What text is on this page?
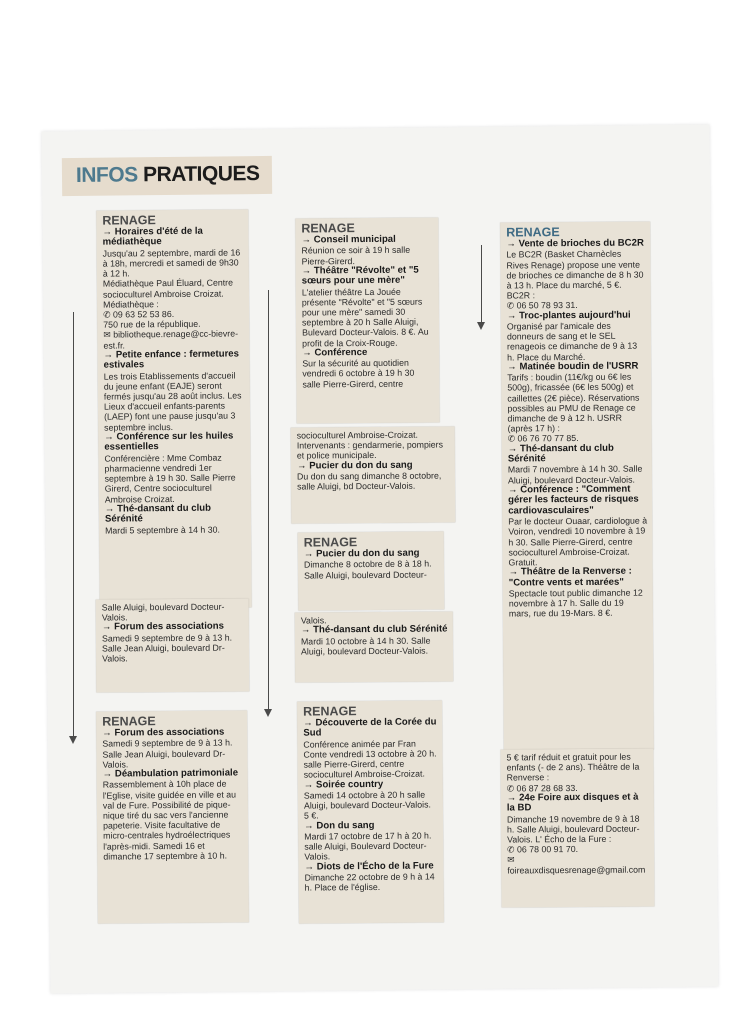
INFOS PRATIQUES
RENAGE
→ Horaires d'été de la médiathèque
Jusqu'au 2 septembre, mardi de 16 à 18h, mercredi et samedi de 9h30 à 12 h.
Médiathèque Paul Éluard, Centre socioculturel Ambroise Croizat.
Médiathèque :
✆ 09 63 52 53 86.
750 rue de la république.
✉ bibliotheque.renage@cc-bievre-est.fr.
→ Petite enfance : fermetures estivales
Les trois Etablissements d'accueil du jeune enfant (EAJE) seront fermés jusqu'au 28 août inclus. Les Lieux d'accueil enfants-parents (LAEP) font une pause jusqu'au 3 septembre inclus.
→ Conférence sur les huiles essentielles
Conférencière : Mme Combaz pharmacienne vendredi 1er septembre à 19 h 30. Salle Pierre Girerd, Centre socioculturel Ambroise Croizat.
→ Thé-dansant du club Sérénité
Mardi 5 septembre à 14 h 30.
Salle Aluigi, boulevard Docteur-Valois.
→ Forum des associations
Samedi 9 septembre de 9 à 13 h. Salle Jean Aluigi, boulevard Dr-Valois.
RENAGE
→ Forum des associations
Samedi 9 septembre de 9 à 13 h. Salle Jean Aluigi, boulevard Dr-Valois.
→ Déambulation patrimoniale
Rassemblement à 10h place de l'Eglise, visite guidée en ville et au val de Fure. Possibilité de pique-nique tiré du sac vers l'ancienne papeterie. Visite facultative de micro-centrales hydroélectriques l'après-midi. Samedi 16 et dimanche 17 septembre à 10 h.
RENAGE
→ Conseil municipal
Réunion ce soir à 19 h salle Pierre-Girerd.
→ Théâtre "Révolte" et "5 sœurs pour une mère"
L'atelier théâtre La Jouée présente "Révolte" et "5 sœurs pour une mère" samedi 30 septembre à 20 h Salle Aluigi, Bulevard Docteur-Valois. 8 €. Au profit de la Croix-Rouge.
→ Conférence
Sur la sécurité au quotidien vendredi 6 octobre à 19 h 30 salle Pierre-Girerd, centre
socioculturel Ambroise-Croizat. Intervenants : gendarmerie, pompiers et police municipale.
→ Pucier du don du sang
Du don du sang dimanche 8 octobre, salle Aluigi, bd Docteur-Valois.
RENAGE
→ Pucier du don du sang
Dimanche 8 octobre de 8 à 18 h. Salle Aluigi, boulevard Docteur-
Valois.
→ Thé-dansant du club Sérénité
Mardi 10 octobre à 14 h 30. Salle Aluigi, boulevard Docteur-Valois.
RENAGE
→ Découverte de la Corée du Sud
Conférence animée par Fran Conte vendredi 13 octobre à 20 h. salle Pierre-Girerd, centre socioculturel Ambroise-Croizat.
→ Soirée country
Samedi 14 octobre à 20 h salle Aluigi, boulevard Docteur-Valois. 5 €.
→ Don du sang
Mardi 17 octobre de 17 h à 20 h. salle Aluigi, Boulevard Docteur-Valois.
→ Diots de l'Écho de la Fure
Dimanche 22 octobre de 9 h à 14 h. Place de l'église.
RENAGE
→ Vente de brioches du BC2R
Le BC2R (Basket Charnècles Rives Renage) propose une vente de brioches ce dimanche de 8 h 30 à 13 h. Place du marché, 5 €. BC2R :
✆ 06 50 78 93 31.
→ Troc-plantes aujourd'hui
Organisé par l'amicale des donneurs de sang et le SEL renageois ce dimanche de 9 à 13 h. Place du Marché.
→ Matinée boudin de l'USRR
Tarifs : boudin (11€/kg ou 6€ les 500g), fricassée (6€ les 500g) et caillettes (2€ pièce). Réservations possibles au PMU de Renage ce dimanche de 9 à 12 h. USRR (après 17 h) :
✆ 06 76 70 77 85.
→ Thé-dansant du club Sérénité
Mardi 7 novembre à 14 h 30. Salle Aluigi, boulevard Docteur-Valois.
→ Conférence : "Comment gérer les facteurs de risques cardiovasculaires"
Par le docteur Ouaar, cardiologue à Voiron, vendredi 10 novembre à 19 h 30. Salle Pierre-Girerd, centre socioculturel Ambroise-Croizat. Gratuit.
→ Théâtre de la Renverse : "Contre vents et marées"
Spectacle tout public dimanche 12 novembre à 17 h. Salle du 19 mars, rue du 19-Mars. 8 €.
5 € tarif réduit et gratuit pour les enfants (- de 2 ans). Théâtre de la Renverse :
✆ 06 87 28 68 33.
→ 24e Foire aux disques et à la BD
Dimanche 19 novembre de 9 à 18 h. Salle Aluigi, boulevard Docteur-Valois. L' Écho de la Fure :
✆ 06 78 00 91 70.
✉ foireauxdisquesrenage@gmail.com
